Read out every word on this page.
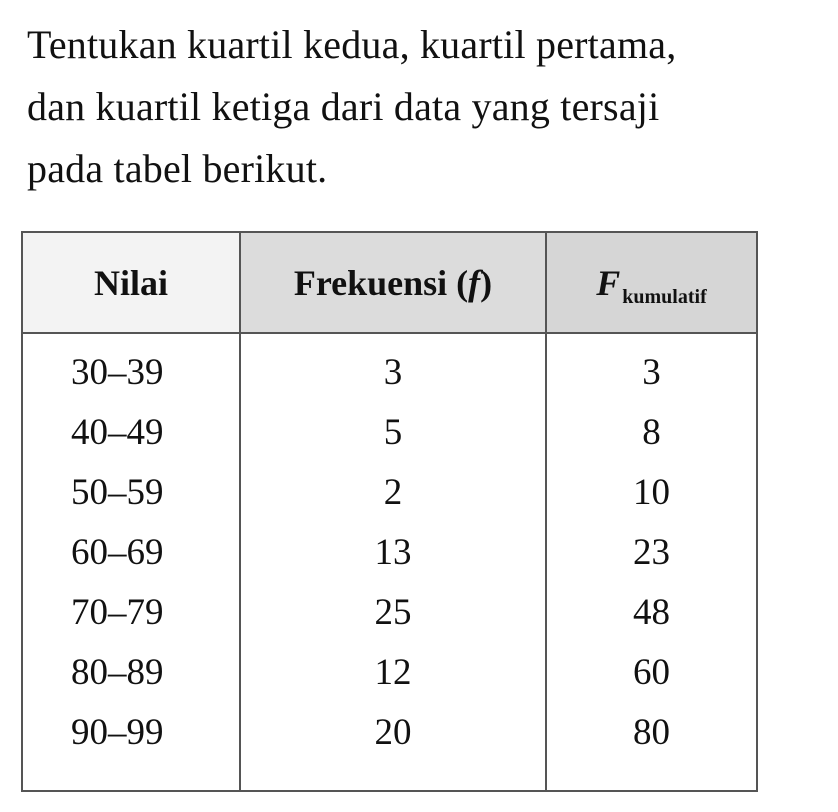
Tentukan kuartil kedua, kuartil pertama,
dan kuartil ketiga dari data yang tersaji
pada tabel berikut.

Nilai	Frekuensi (f)	F $_{kumulatif}$
30–39	3	3
40–49	5	8
50–59	2	10
60–69	13	23
70–79	25	48
80–89	12	60
90–99	20	80
